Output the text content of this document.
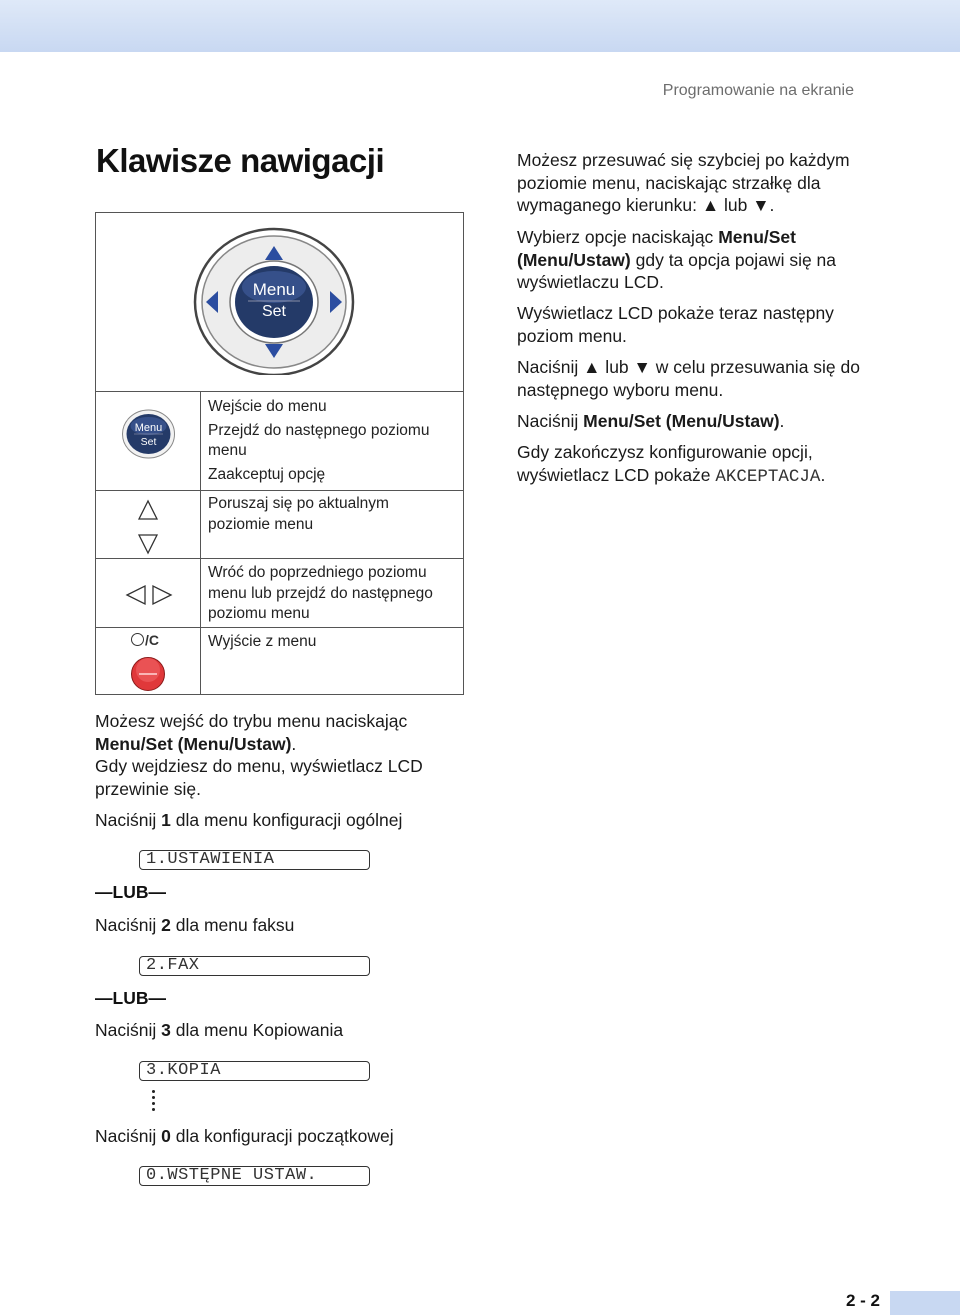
Programowanie na ekranie
Klawisze nawigacji
Menu
Set
Menu
Set
Wejście do menu
Przejdź do następnego poziomu
menu
Zaakceptuj opcję
Poruszaj się po aktualnym
poziomie menu
Wróć do poprzedniego poziomu
menu lub przejdź do następnego
poziomu menu
/C	Wyjście z menu
Możesz przesuwać się szybciej po każdym
poziomie menu, naciskając strzałkę dla
wymaganego kierunku: ▲ lub ▼.
Wybierz opcje naciskając Menu/Set
(Menu/Ustaw) gdy ta opcja pojawi się na
wyświetlaczu LCD.
Wyświetlacz LCD pokaże teraz następny
poziom menu.
Naciśnij ▲ lub ▼ w celu przesuwania się do
następnego wyboru menu.
Naciśnij Menu/Set (Menu/Ustaw).
Gdy zakończysz konfigurowanie opcji,
wyświetlacz LCD pokaże AKCEPTACJA.
Możesz wejść do trybu menu naciskając
Menu/Set (Menu/Ustaw).
Gdy wejdziesz do menu, wyświetlacz LCD
przewinie się.
Naciśnij 1 dla menu konfiguracji ogólnej
1.USTAWIENIA
—LUB—
Naciśnij 2 dla menu faksu
2.FAX
—LUB—
Naciśnij 3 dla menu Kopiowania
3.KOPIA
Naciśnij 0 dla konfiguracji początkowej
0.WSTĘPNE USTAW.
2 - 2
